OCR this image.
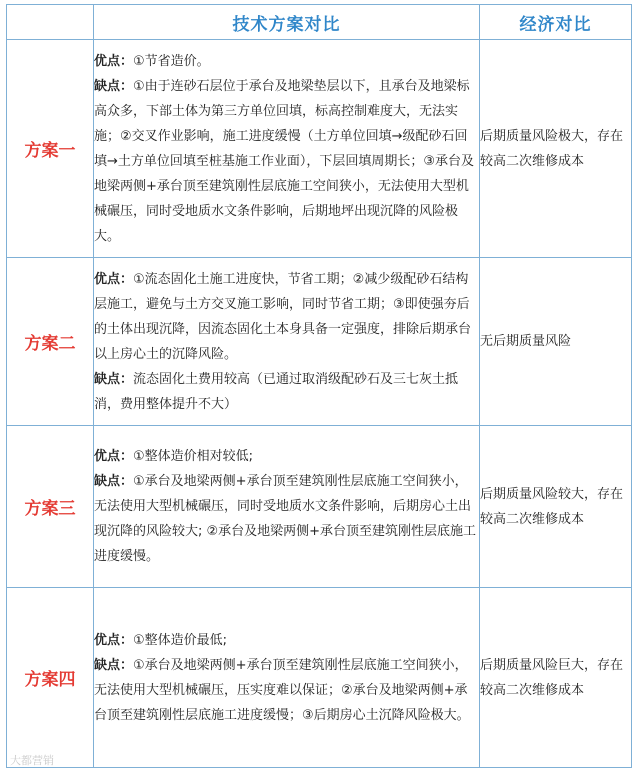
	技术方案对比	经济对比
方案一	优点：①节省造价。

缺点：①由于连砂石层位于承台及地梁垫层以下，且承台及地梁标高众多，下部土体为第三方单位回填，标高控制难度大，无法实施；②交叉作业影响，施工进度缓慢（土方单位回填→级配砂石回填→土方单位回填至桩基施工作业面），下层回填周期长；③承台及地梁两侧+承台顶至建筑刚性层底施工空间狭小，无法使用大型机械碾压，同时受地质水文条件影响，后期地坪出现沉降的风险极大。	后期质量风险极大，存在较高二次维修成本
方案二	优点：①流态固化土施工进度快，节省工期；②减少级配砂石结构层施工，避免与土方交叉施工影响，同时节省工期；③即使强夯后的土体出现沉降，因流态固化土本身具备一定强度，排除后期承台以上房心土的沉降风险。

缺点：流态固化土费用较高（已通过取消级配砂石及三七灰土抵消，费用整体提升不大）	无后期质量风险
方案三	优点：①整体造价相对较低;

缺点：①承台及地梁两侧+承台顶至建筑刚性层底施工空间狭小，无法使用大型机械碾压，同时受地质水文条件影响，后期房心土出现沉降的风险较大; ②承台及地梁两侧+承台顶至建筑刚性层底施工进度缓慢。	后期质量风险较大，存在较高二次维修成本
方案四	优点：①整体造价最低;

缺点：①承台及地梁两侧+承台顶至建筑刚性层底施工空间狭小，无法使用大型机械碾压，压实度难以保证；②承台及地梁两侧+承台顶至建筑刚性层底施工进度缓慢；③后期房心土沉降风险极大。	后期质量风险巨大，存在较高二次维修成本
大都营销
